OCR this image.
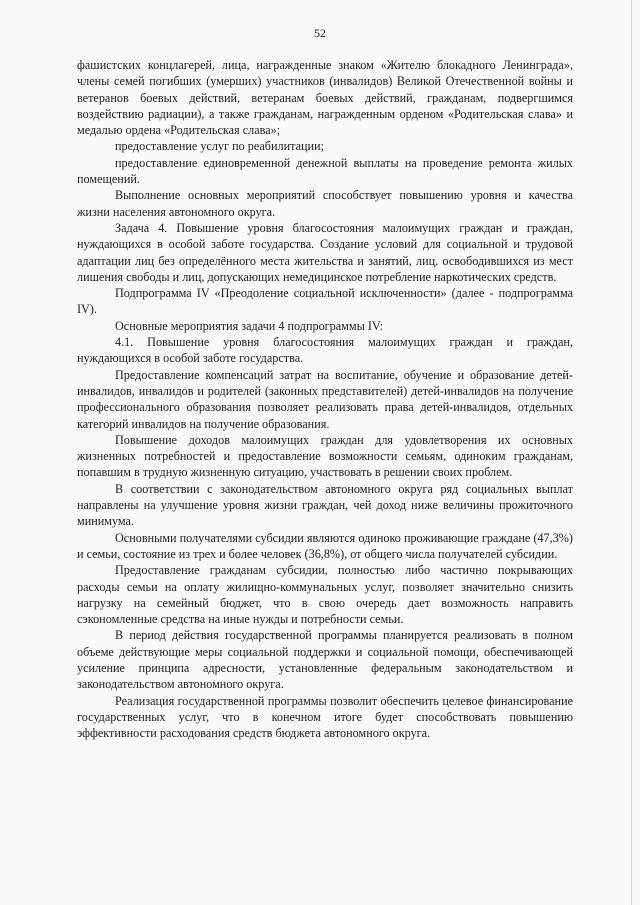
52

фашистских концлагерей, лица, награжденные знаком «Жителю блокадного Ленинграда», члены семей погибших (умерших) участников (инвалидов) Великой Отечественной войны и ветеранов боевых действий, ветеранам боевых действий, гражданам, подвергшимся воздействию радиации), а также гражданам, награжденным орденом «Родительская слава» и медалью ордена «Родительская слава»;

предоставление услуг по реабилитации;

предоставление единовременной денежной выплаты на проведение ремонта жилых помещений.

Выполнение основных мероприятий способствует повышению уровня и качества жизни населения автономного округа.

Задача 4. Повышение уровня благосостояния малоимущих граждан и граждан, нуждающихся в особой заботе государства. Создание условий для социальной и трудовой адаптации лиц без определённого места жительства и занятий, лиц, освободившихся из мест лишения свободы и лиц, допускающих немедицинское потребление наркотических средств.

Подпрограмма IV «Преодоление социальной исключенности» (далее - подпрограмма IV).

Основные мероприятия задачи 4 подпрограммы IV:

4.1. Повышение уровня благосостояния малоимущих граждан и граждан, нуждающихся в особой заботе государства.

Предоставление компенсаций затрат на воспитание, обучение и образование детей-инвалидов, инвалидов и родителей (законных представителей) детей-инвалидов на получение профессионального образования позволяет реализовать права детей-инвалидов, отдельных категорий инвалидов на получение образования.

Повышение доходов малоимущих граждан для удовлетворения их основных жизненных потребностей и предоставление возможности семьям, одиноким гражданам, попавшим в трудную жизненную ситуацию, участвовать в решении своих проблем.

В соответствии с законодательством автономного округа ряд социальных выплат направлены на улучшение уровня жизни граждан, чей доход ниже величины прожиточного минимума.

Основными получателями субсидии являются одиноко проживающие граждане (47,3%) и семьи, состояние из трех и более человек (36,8%), от общего числа получателей субсидии.

Предоставление гражданам субсидии, полностью либо частично покрывающих расходы семьи на оплату жилищно-коммунальных услуг, позволяет значительно снизить нагрузку на семейный бюджет, что в свою очередь дает возможность направить сэкономленные средства на иные нужды и потребности семьи.

В период действия государственной программы планируется реализовать в полном объеме действующие меры социальной поддержки и социальной помощи, обеспечивающей усиление принципа адресности, установленные федеральным законодательством и законодательством автономного округа.

Реализация государственной программы позволит обеспечить целевое финансирование государственных услуг, что в конечном итоге будет способствовать повышению эффективности расходования средств бюджета автономного округа.
